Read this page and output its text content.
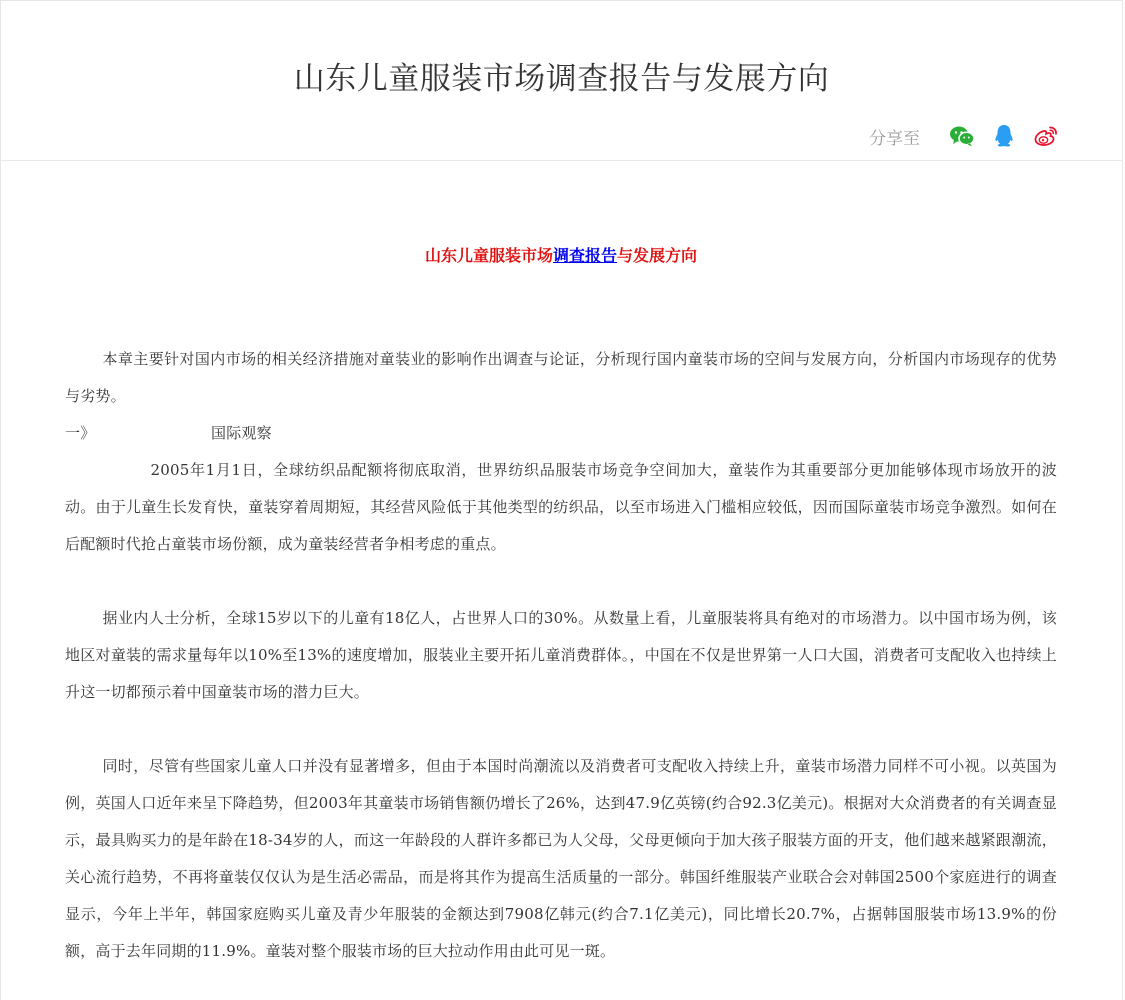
山东儿童服装市场调查报告与发展方向
分享至
山东儿童服装市场调查报告与发展方向

本章主要针对国内市场的相关经济措施对童装业的影响作出调查与论证，分析现行国内童装市场的空间与发展方向，分析国内市场现存的优势与劣势。

一》	国际观察

2005年1月1日，全球纺织品配额将彻底取消，世界纺织品服装市场竞争空间加大，童装作为其重要部分更加能够体现市场放开的波动。由于儿童生长发育快，童装穿着周期短，其经营风险低于其他类型的纺织品，以至市场进入门槛相应较低，因而国际童装市场竞争激烈。如何在后配额时代抢占童装市场份额，成为童装经营者争相考虑的重点。

据业内人士分析，全球15岁以下的儿童有18亿人，占世界人口的30%。从数量上看，儿童服装将具有绝对的市场潜力。以中国市场为例，该地区对童装的需求量每年以10%至13%的速度增加，服装业主要开拓儿童消费群体。，中国在不仅是世界第一人口大国，消费者可支配收入也持续上升这一切都预示着中国童装市场的潜力巨大。

同时，尽管有些国家儿童人口并没有显著增多，但由于本国时尚潮流以及消费者可支配收入持续上升，童装市场潜力同样不可小视。以英国为例，英国人口近年来呈下降趋势，但2003年其童装市场销售额仍增长了26%，达到47.9亿英镑(约合92.3亿美元)。根据对大众消费者的有关调查显示，最具购买力的是年龄在18-34岁的人，而这一年龄段的人群许多都已为人父母，父母更倾向于加大孩子服装方面的开支，他们越来越紧跟潮流，关心流行趋势，不再将童装仅仅认为是生活必需品，而是将其作为提高生活质量的一部分。韩国纤维服装产业联合会对韩国2500个家庭进行的调查显示，今年上半年，韩国家庭购买儿童及青少年服装的金额达到7908亿韩元(约合7.1亿美元)，同比增长20.7%，占据韩国服装市场13.9%的份额，高于去年同期的11.9%。童装对整个服装市场的巨大拉动作用由此可见一斑。
